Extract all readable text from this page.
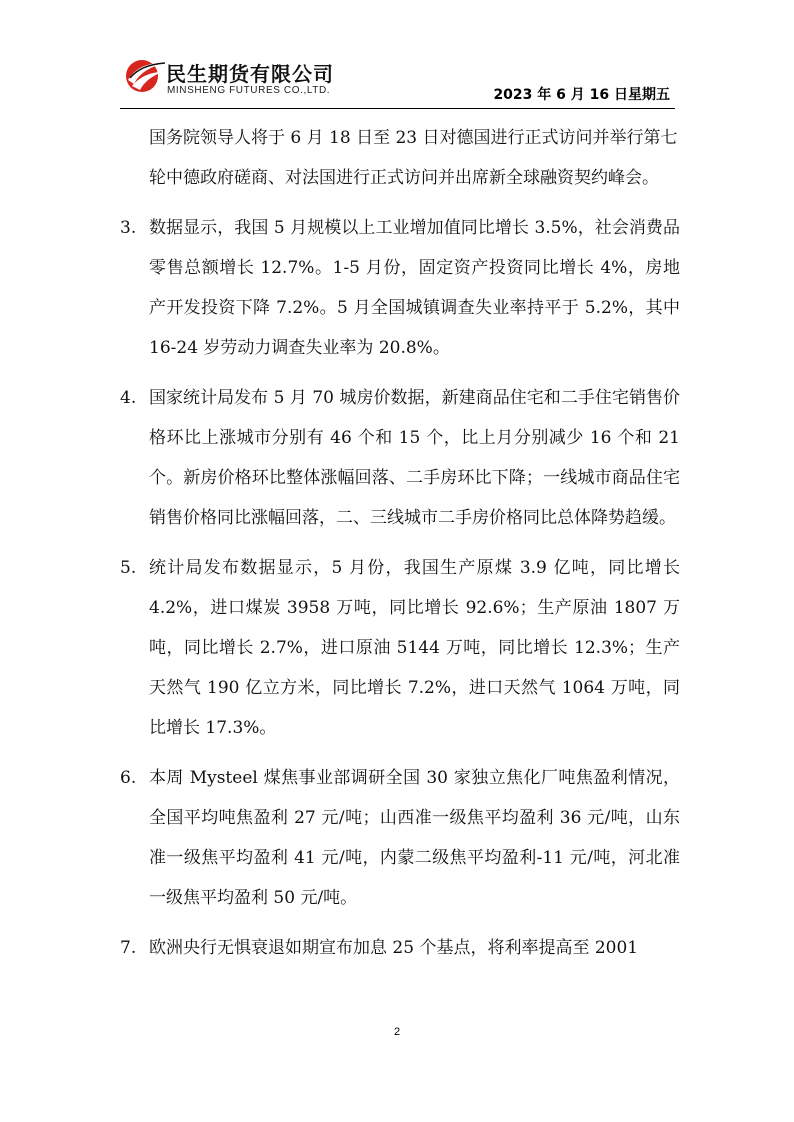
民生期货有限公司
MINSHENG FUTURES CO.,LTD.	2023 年 6 月 16 日星期五

国务院领导人将于 6 月 18 日至 23 日对德国进行正式访问并举行第七轮中德政府磋商、对法国进行正式访问并出席新全球融资契约峰会。

3. 数据显示，我国 5 月规模以上工业增加值同比增长 3.5%，社会消费品零售总额增长 12.7%。1-5 月份，固定资产投资同比增长 4%，房地产开发投资下降 7.2%。5 月全国城镇调查失业率持平于 5.2%，其中 16-24 岁劳动力调查失业率为 20.8%。
4. 国家统计局发布 5 月 70 城房价数据，新建商品住宅和二手住宅销售价格环比上涨城市分别有 46 个和 15 个，比上月分别减少 16 个和 21 个。新房价格环比整体涨幅回落、二手房环比下降；一线城市商品住宅销售价格同比涨幅回落，二、三线城市二手房价格同比总体降势趋缓。
5. 统计局发布数据显示，5 月份，我国生产原煤 3.9 亿吨，同比增长 4.2%，进口煤炭 3958 万吨，同比增长 92.6%；生产原油 1807 万吨，同比增长 2.7%，进口原油 5144 万吨，同比增长 12.3%；生产天然气 190 亿立方米，同比增长 7.2%，进口天然气 1064 万吨，同比增长 17.3%。
6. 本周 Mysteel 煤焦事业部调研全国 30 家独立焦化厂吨焦盈利情况，全国平均吨焦盈利 27 元/吨；山西准一级焦平均盈利 36 元/吨，山东准一级焦平均盈利 41 元/吨，内蒙二级焦平均盈利-11 元/吨，河北准一级焦平均盈利 50 元/吨。
7. 欧洲央行无惧衰退如期宣布加息 25 个基点，将利率提高至 2001
2
